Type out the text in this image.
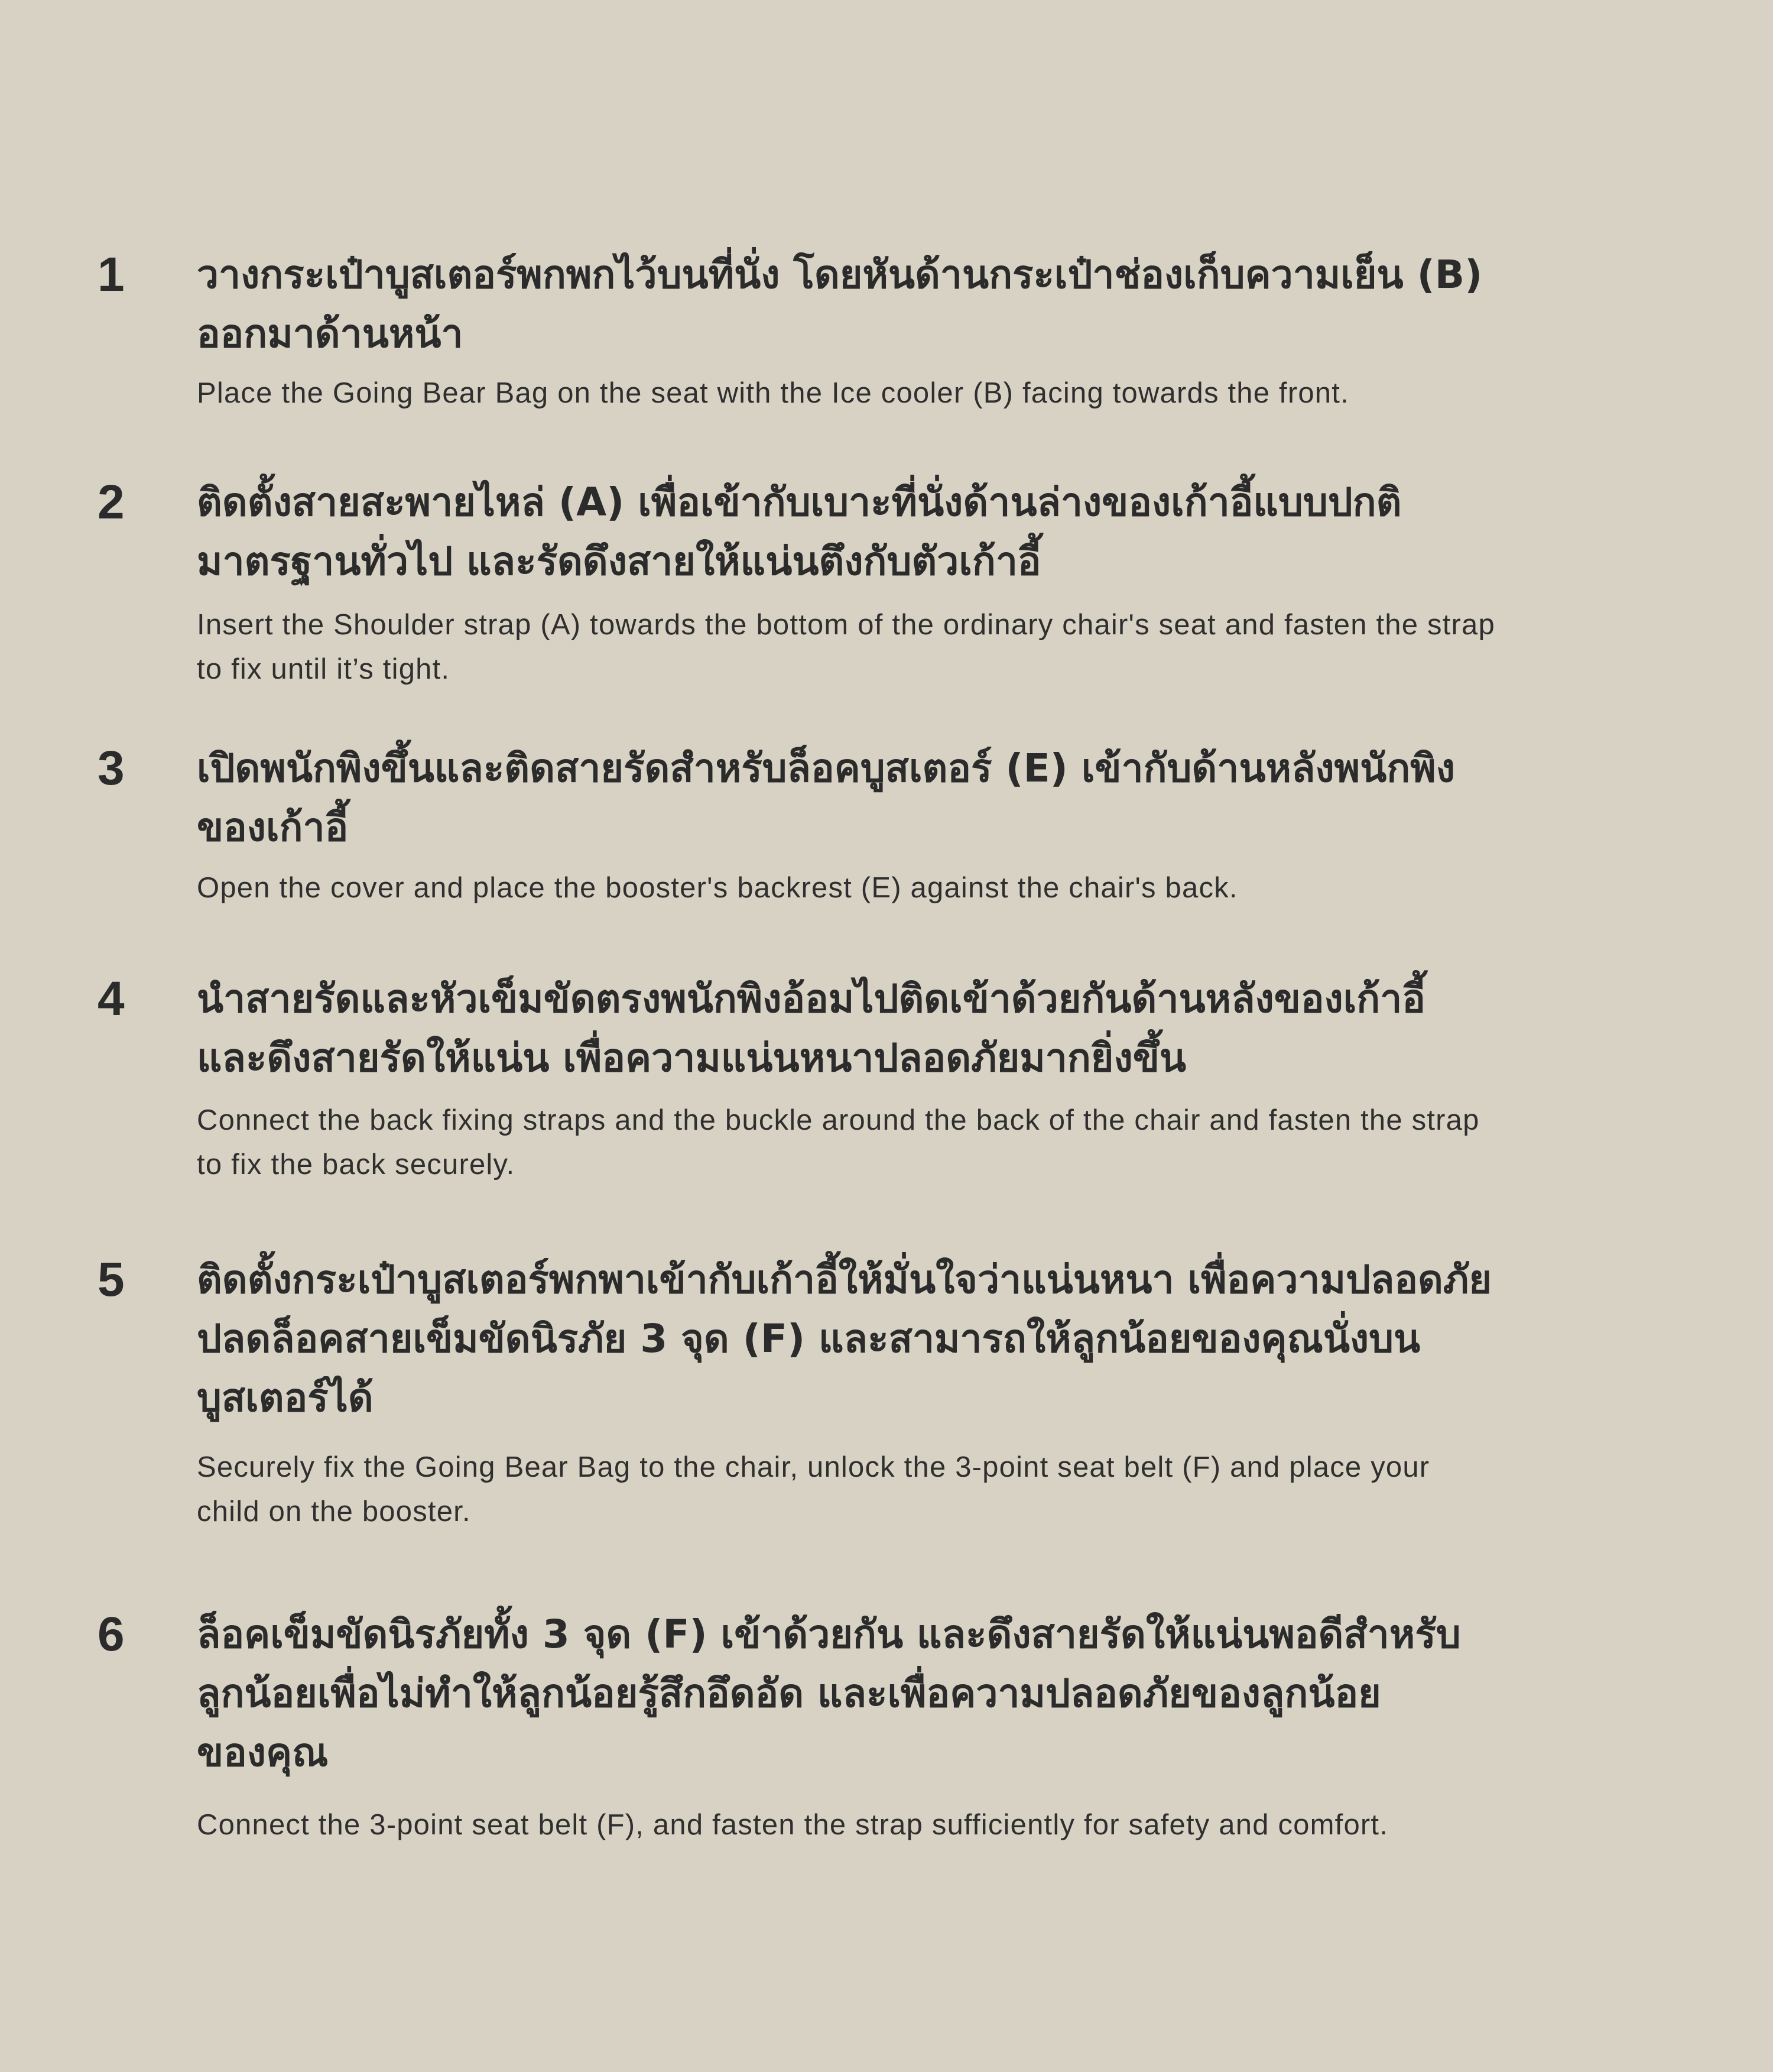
1 วางกระเป๋าบูสเตอร์พกพกไว้บนที่นั่ง โดยหันด้านกระเป๋าช่องเก็บความเย็น (B)
ออกมาด้านหน้า
Place the Going Bear Bag on the seat with the Ice cooler (B) facing towards the front.
2 ติดตั้งสายสะพายไหล่ (A) เพื่อเข้ากับเบาะที่นั่งด้านล่างของเก้าอี้แบบปกติ
มาตรฐานทั่วไป และรัดดึงสายให้แน่นตึงกับตัวเก้าอี้
Insert the Shoulder strap (A) towards the bottom of the ordinary chair's seat and fasten the strap
to fix until it’s tight.
3 เปิดพนักพิงขึ้นและติดสายรัดสำหรับล็อคบูสเตอร์ (E) เข้ากับด้านหลังพนักพิง
ของเก้าอี้
Open the cover and place the booster's backrest (E) against the chair's back.
4 นำสายรัดและหัวเข็มขัดตรงพนักพิงอ้อมไปติดเข้าด้วยกันด้านหลังของเก้าอี้
และดึงสายรัดให้แน่น เพื่อความแน่นหนาปลอดภัยมากยิ่งขึ้น
Connect the back fixing straps and the buckle around the back of the chair and fasten the strap
to fix the back securely.
5 ติดตั้งกระเป๋าบูสเตอร์พกพาเข้ากับเก้าอี้ให้มั่นใจว่าแน่นหนา เพื่อความปลอดภัย
ปลดล็อคสายเข็มขัดนิรภัย 3 จุด (F) และสามารถให้ลูกน้อยของคุณนั่งบน
บูสเตอร์ได้
Securely fix the Going Bear Bag to the chair, unlock the 3-point seat belt (F) and place your
child on the booster.
6 ล็อคเข็มขัดนิรภัยทั้ง 3 จุด (F) เข้าด้วยกัน และดึงสายรัดให้แน่นพอดีสำหรับ
ลูกน้อยเพื่อไม่ทำให้ลูกน้อยรู้สึกอึดอัด และเพื่อความปลอดภัยของลูกน้อย
ของคุณ
Connect the 3-point seat belt (F), and fasten the strap sufficiently for safety and comfort.
